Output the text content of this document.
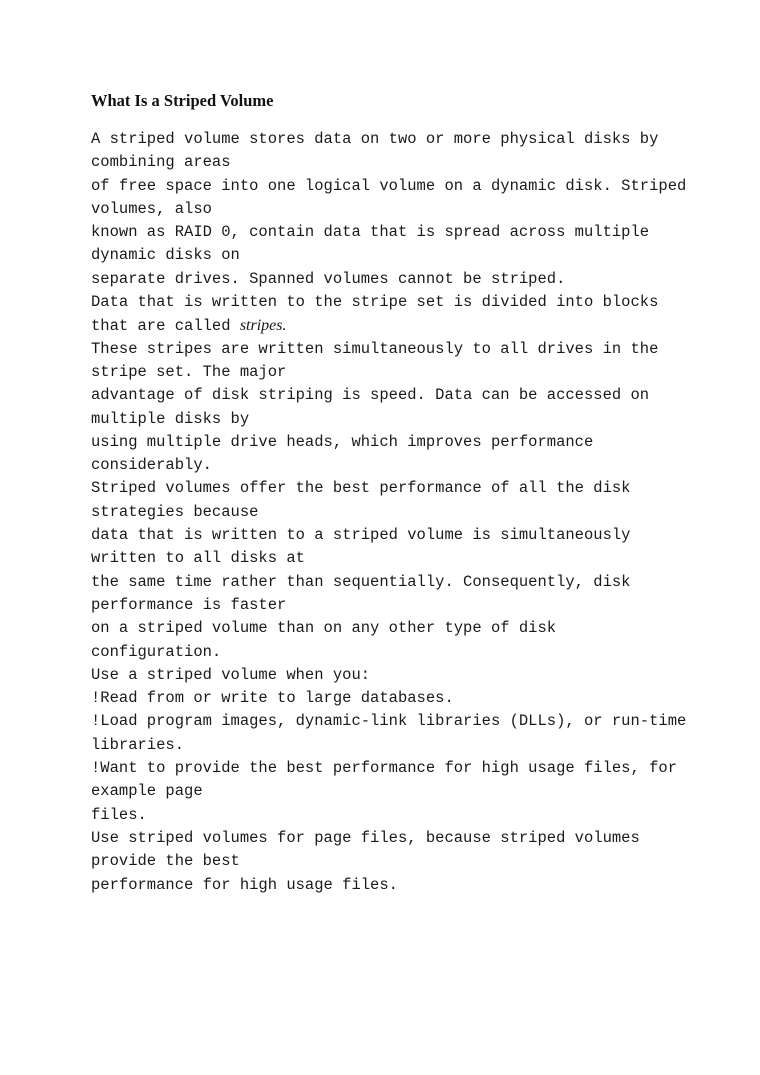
What Is a Striped Volume
A striped volume stores data on two or more physical disks by
combining areas
of free space into one logical volume on a dynamic disk. Striped
volumes, also
known as RAID 0, contain data that is spread across multiple
dynamic disks on
separate drives. Spanned volumes cannot be striped.
Data that is written to the stripe set is divided into blocks
that are called stripes.
These stripes are written simultaneously to all drives in the
stripe set. The major
advantage of disk striping is speed. Data can be accessed on
multiple disks by
using multiple drive heads, which improves performance
considerably.
Striped volumes offer the best performance of all the disk
strategies because
data that is written to a striped volume is simultaneously
written to all disks at
the same time rather than sequentially. Consequently, disk
performance is faster
on a striped volume than on any other type of disk
configuration.
Use a striped volume when you:
!Read from or write to large databases.
!Load program images, dynamic-link libraries (DLLs), or run-time
libraries.
!Want to provide the best performance for high usage files, for
example page
files.
Use striped volumes for page files, because striped volumes
provide the best
performance for high usage files.
